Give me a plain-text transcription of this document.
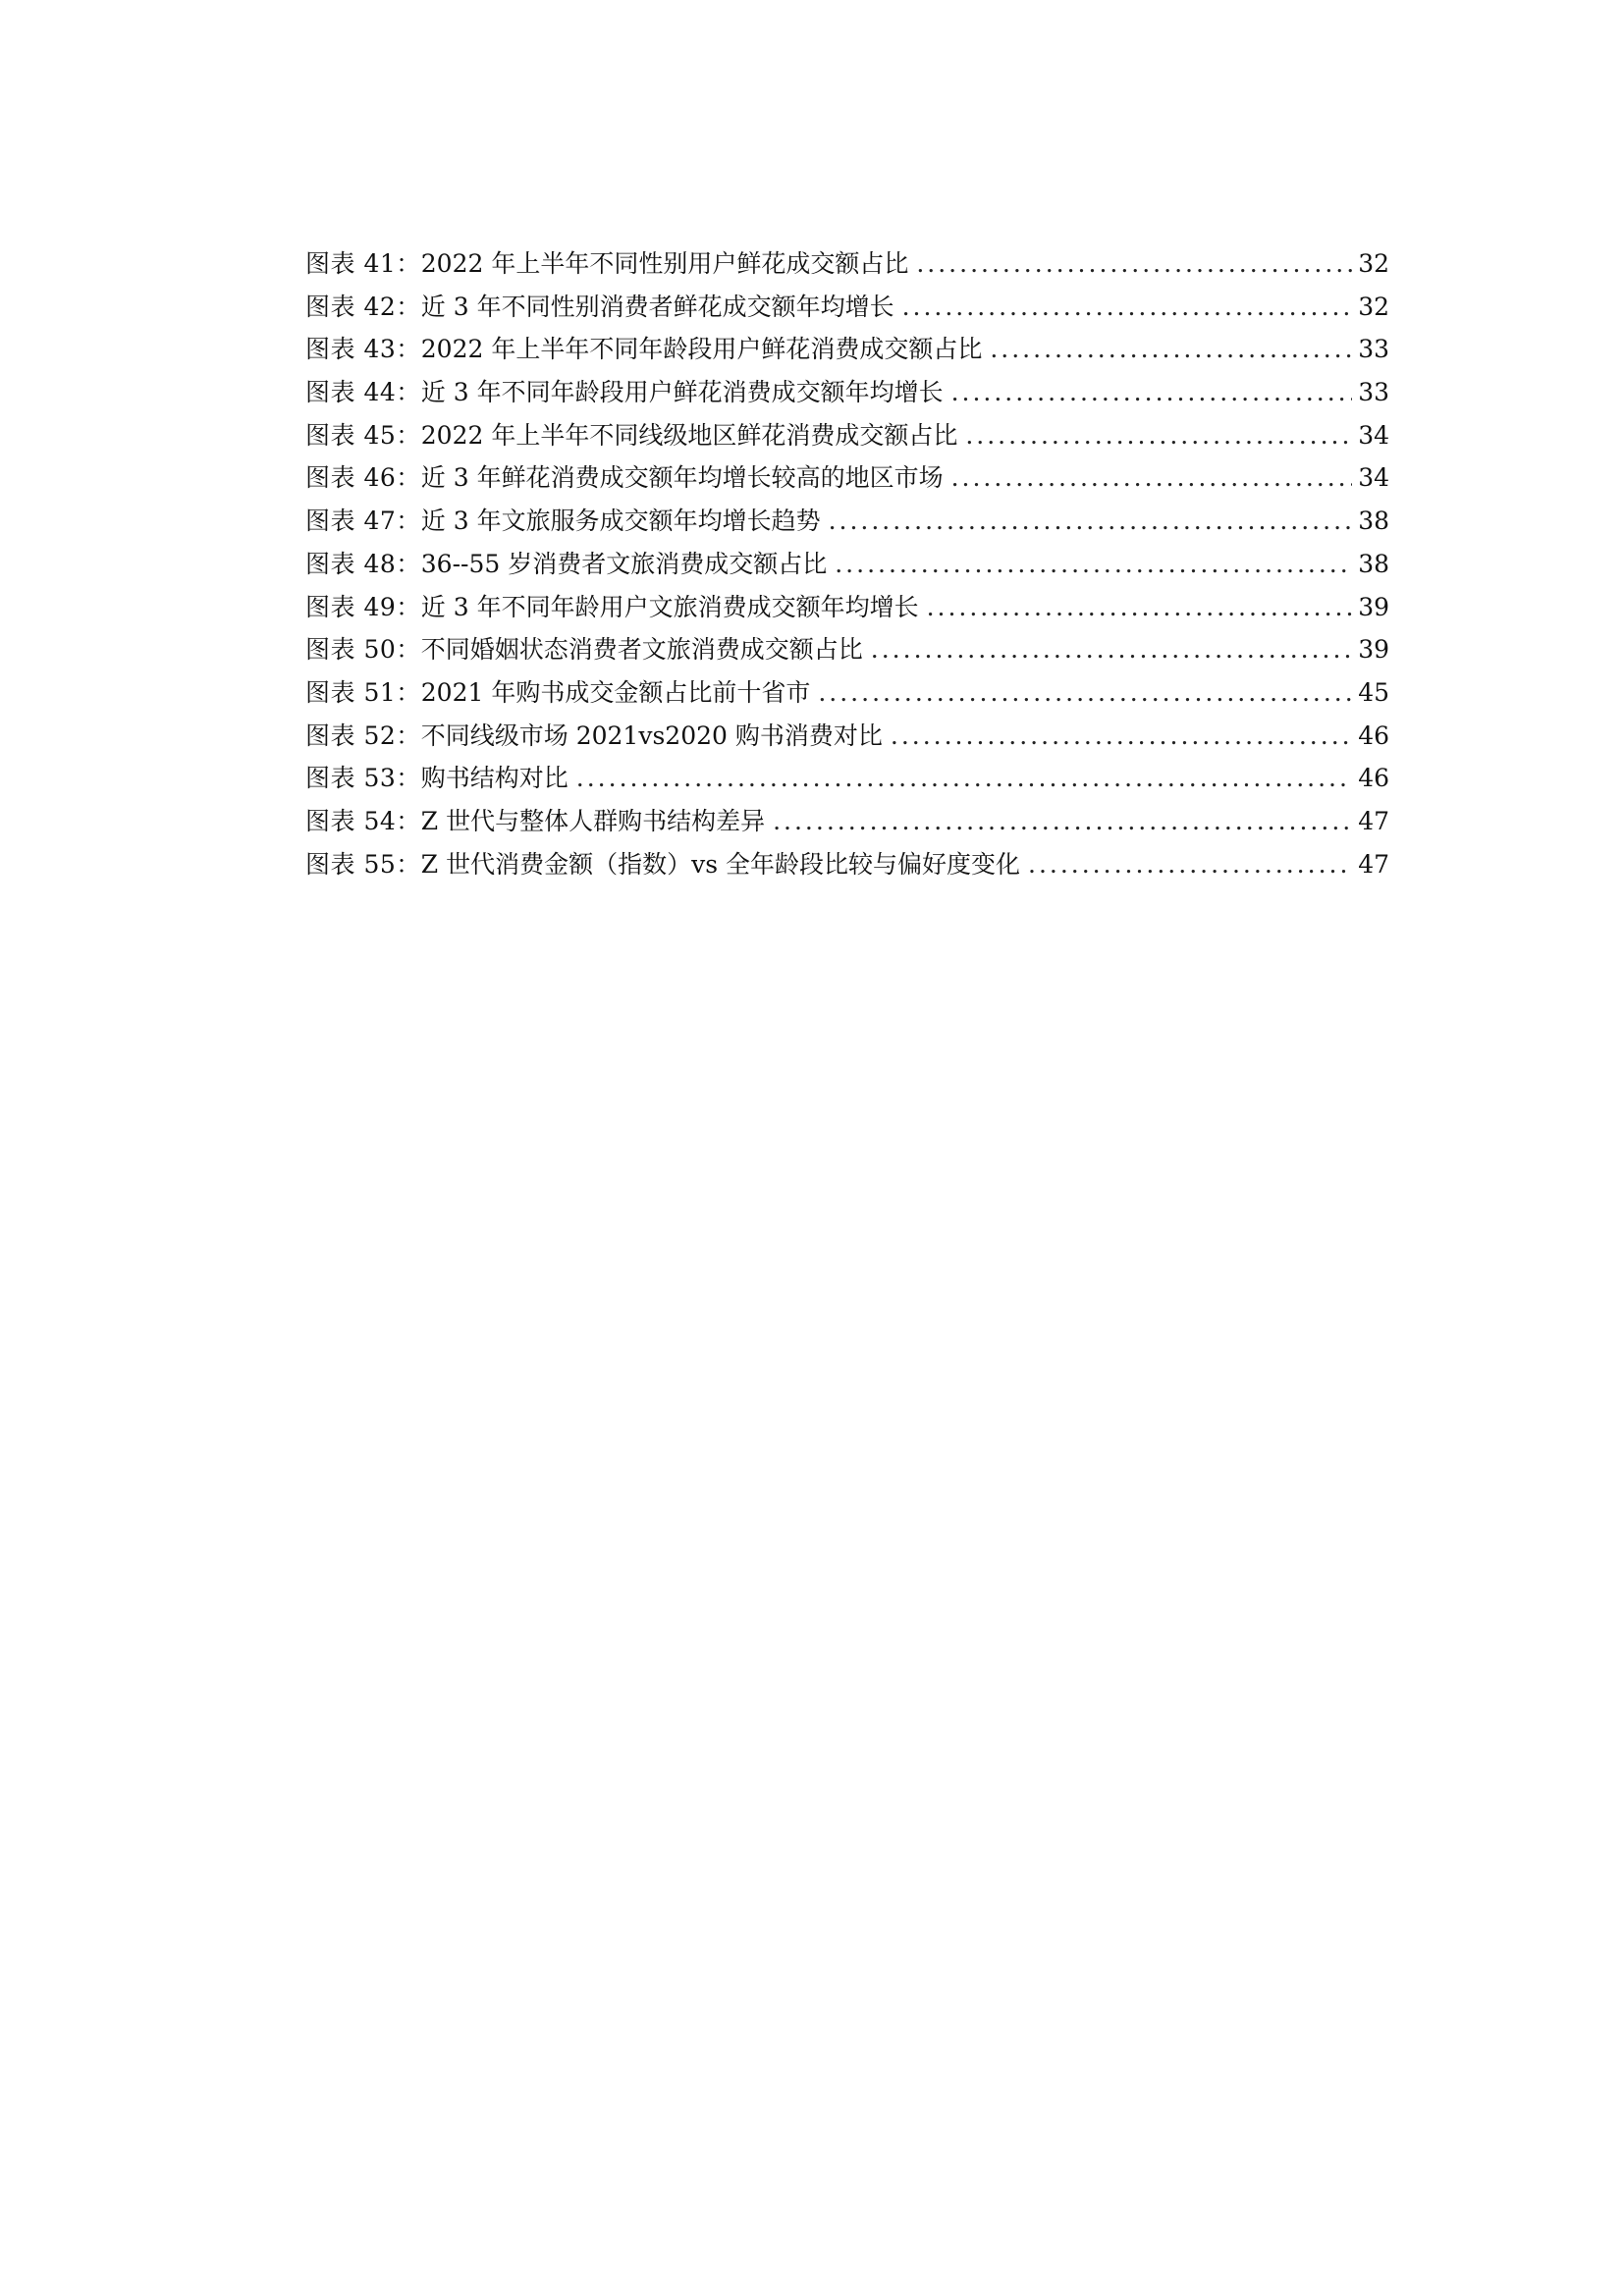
图表 41： 2022 年上半年不同性别用户鲜花成交额占比 .....	32
图表 42： 近 3 年不同性别消费者鲜花成交额年均增长 .....	32
图表 43： 2022 年上半年不同年龄段用户鲜花消费成交额占比 .....	33
图表 44： 近 3 年不同年龄段用户鲜花消费成交额年均增长 .....	33
图表 45： 2022 年上半年不同线级地区鲜花消费成交额占比 .....	34
图表 46： 近 3 年鲜花消费成交额年均增长较高的地区市场 .....	34
图表 47： 近 3 年文旅服务成交额年均增长趋势 .....	38
图表 48： 36--55 岁消费者文旅消费成交额占比 .....	38
图表 49： 近 3 年不同年龄用户文旅消费成交额年均增长 .....	39
图表 50： 不同婚姻状态消费者文旅消费成交额占比 .....	39
图表 51： 2021 年购书成交金额占比前十省市 .....	45
图表 52： 不同线级市场 2021vs2020 购书消费对比 .....	46
图表 53： 购书结构对比 .....	46
图表 54： Z 世代与整体人群购书结构差异 .....	47
图表 55： Z 世代消费金额（指数）vs 全年龄段比较与偏好度变化 .....	47
